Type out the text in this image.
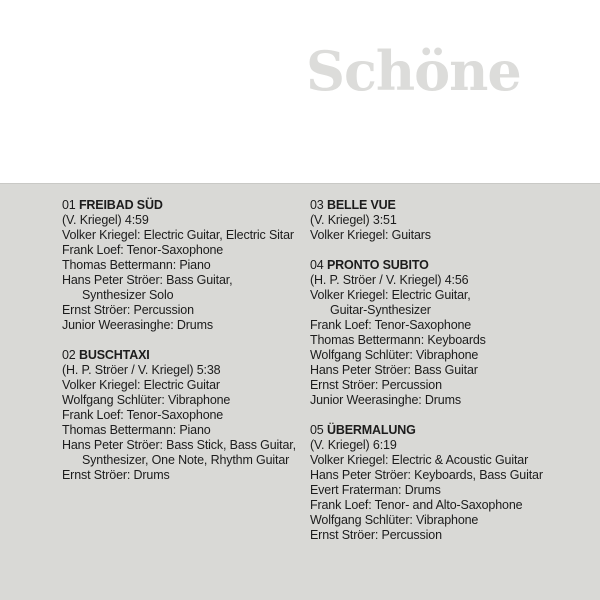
Schöne
01 FREIBAD SÜD
(V. Kriegel) 4:59
Volker Kriegel: Electric Guitar, Electric Sitar
Frank Loef: Tenor-Saxophone
Thomas Bettermann: Piano
Hans Peter Ströer: Bass Guitar,
Synthesizer Solo
Ernst Ströer: Percussion
Junior Weerasinghe: Drums
02 BUSCHTAXI
(H. P. Ströer / V. Kriegel) 5:38
Volker Kriegel: Electric Guitar
Wolfgang Schlüter: Vibraphone
Frank Loef: Tenor-Saxophone
Thomas Bettermann: Piano
Hans Peter Ströer: Bass Stick, Bass Guitar,
Synthesizer, One Note, Rhythm Guitar
Ernst Ströer: Drums
03 BELLE VUE
(V. Kriegel) 3:51
Volker Kriegel: Guitars
04 PRONTO SUBITO
(H. P. Ströer / V. Kriegel) 4:56
Volker Kriegel: Electric Guitar,
Guitar-Synthesizer
Frank Loef: Tenor-Saxophone
Thomas Bettermann: Keyboards
Wolfgang Schlüter: Vibraphone
Hans Peter Ströer: Bass Guitar
Ernst Ströer: Percussion
Junior Weerasinghe: Drums
05 ÜBERMALUNG
(V. Kriegel) 6:19
Volker Kriegel: Electric & Acoustic Guitar
Hans Peter Ströer: Keyboards, Bass Guitar
Evert Fraterman: Drums
Frank Loef: Tenor- and Alto-Saxophone
Wolfgang Schlüter: Vibraphone
Ernst Ströer: Percussion
